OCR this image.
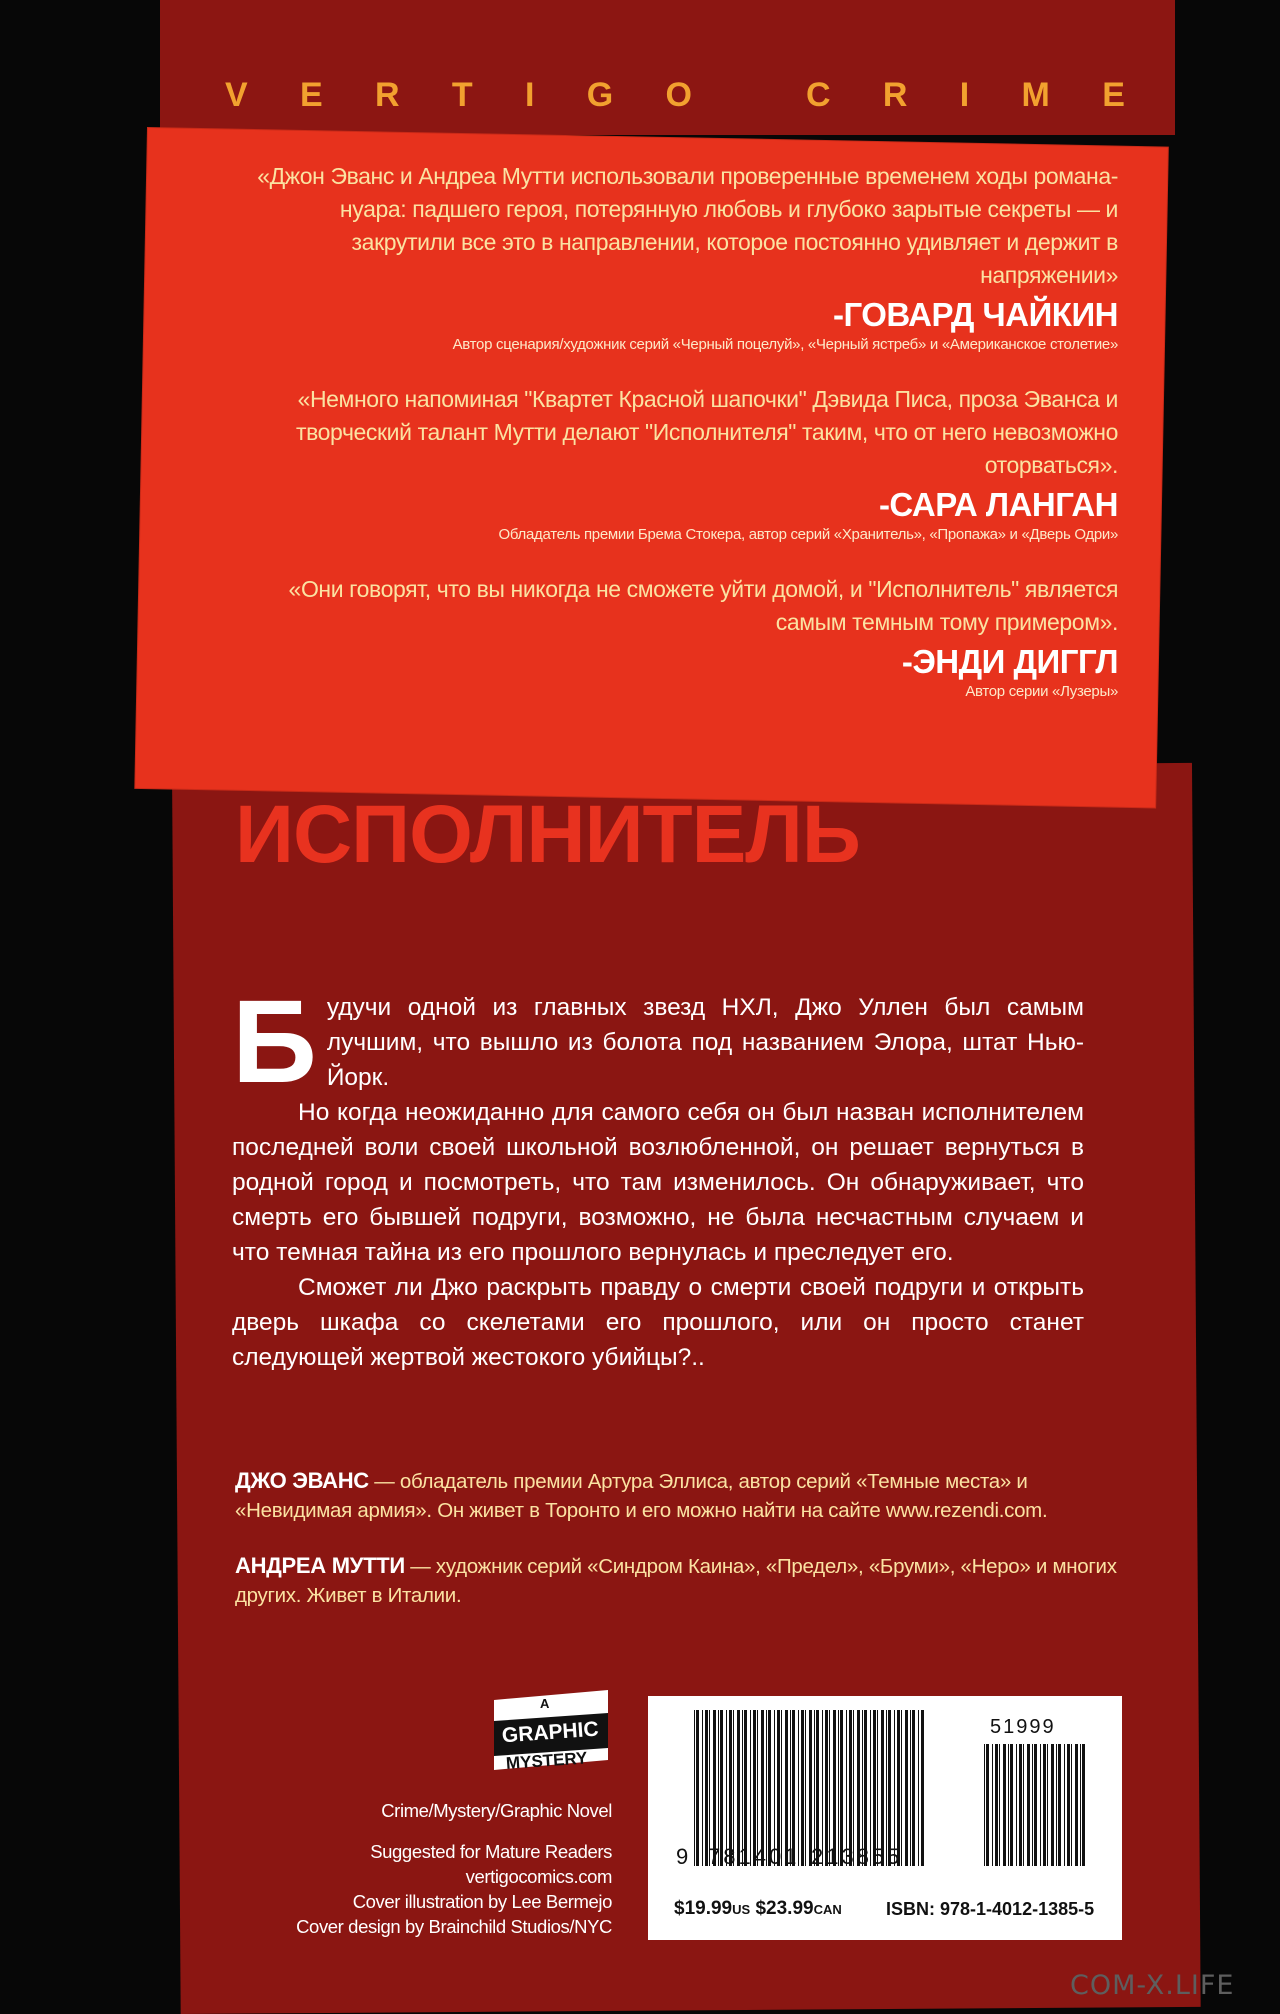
V E R T I G O
	C R I M E

«Джон Эванс и Андреа Мутти использовали проверенные временем ходы романа-нуара: падшего героя, потерянную любовь и глубоко зарытые секреты — и закрутили все это в направлении, которое постоянно удивляет и держит в напряжении»

-ГОВАРД ЧАЙКИН

Автор сценария/художник серий «Черный поцелуй», «Черный ястреб» и «Американское столетие»

«Немного напоминая "Квартет Красной шапочки" Дэвида Писа, проза Эванса и творческий талант Мутти делают "Исполнителя" таким, что от него невозможно оторваться».

-САРА ЛАНГАН

Обладатель премии Брема Стокера, автор серий «Хранитель», «Пропажа» и «Дверь Одри»

«Они говорят, что вы никогда не сможете уйти домой, и "Исполнитель" является самым темным тому примером».

-ЭНДИ ДИГГЛ

Автор серии «Лузеры»

ИСПОЛНИТЕЛЬ

Будучи одной из главных звезд НХЛ, Джо Уллен был самым лучшим, что вышло из болота под названием Элора, штат Нью-Йорк.

Но когда неожиданно для самого себя он был назван исполнителем последней воли своей школьной возлюбленной, он решает вернуться в родной город и посмотреть, что там изменилось. Он обнаруживает, что смерть его бывшей подруги, возможно, не была несчастным случаем и что темная тайна из его прошлого вернулась и преследует его.

Сможет ли Джо раскрыть правду о смерти своей подруги и открыть дверь шкафа со скелетами его прошлого, или он просто станет следующей жертвой жестокого убийцы?..

ДЖО ЭВАНС — обладатель премии Артура Эллиса, автор серий «Темные места» и «Невидимая армия». Он живет в Торонто и его можно найти на сайте www.rezendi.com.

АНДРЕА МУТТИ — художник серий «Синдром Каина», «Предел», «Бруми», «Неро» и многих других. Живет в Италии.

A
GRAPHIC
MYSTERY
Crime/Mystery/Graphic Novel
Suggested for Mature Readers
vertigocomics.com
Cover illustration by Lee Bermejo
Cover design by Brainchild Studios/NYC
51999
9 781401 213855
$19.99US $23.99CAN ISBN: 978-1-4012-1385-5
COM-X.LIFE
